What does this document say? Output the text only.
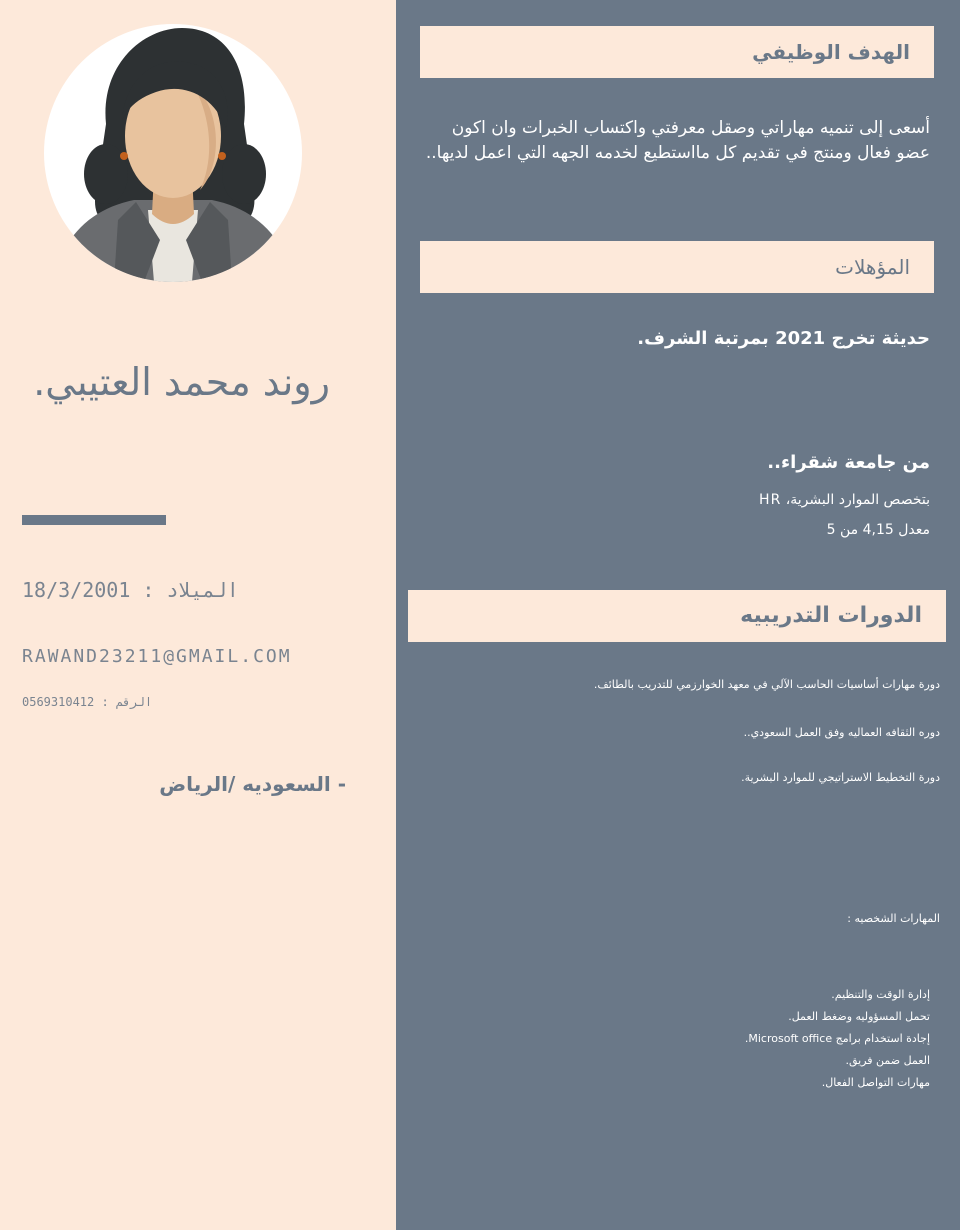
روند محمد العتيبي.
18/3/2001 : الميلاد
RAWAND23211@GMAIL.COM
0569310412 : الرقم
- السعوديه /الرياض
الهدف الوظيفي
أسعى إلى تنميه مهاراتي وصقل معرفتي واكتساب الخبرات وان اكون عضو فعال ومنتج في تقديم كل مااستطيع لخدمه الجهه التي اعمل لديها..
المؤهلات
حديثة تخرج 2021 بمرتبة الشرف.
من جامعة شقراء..
بتخصص الموارد البشرية، HR
معدل 4,15 من 5
الدورات التدريبيه
دورة مهارات أساسيات الحاسب الآلي في معهد الخوارزمي للتدريب بالطائف.
دوره الثقافه العماليه وفق العمل السعودي..
دورة التخطيط الاستراتيجي للموارد البشرية.
المهارات الشخصيه :
إدارة الوقت والتنظيم.
تحمل المسؤوليه وضغط العمل.
إجادة استخدام برامج Microsoft office.
العمل ضمن فريق.
مهارات التواصل الفعال.
